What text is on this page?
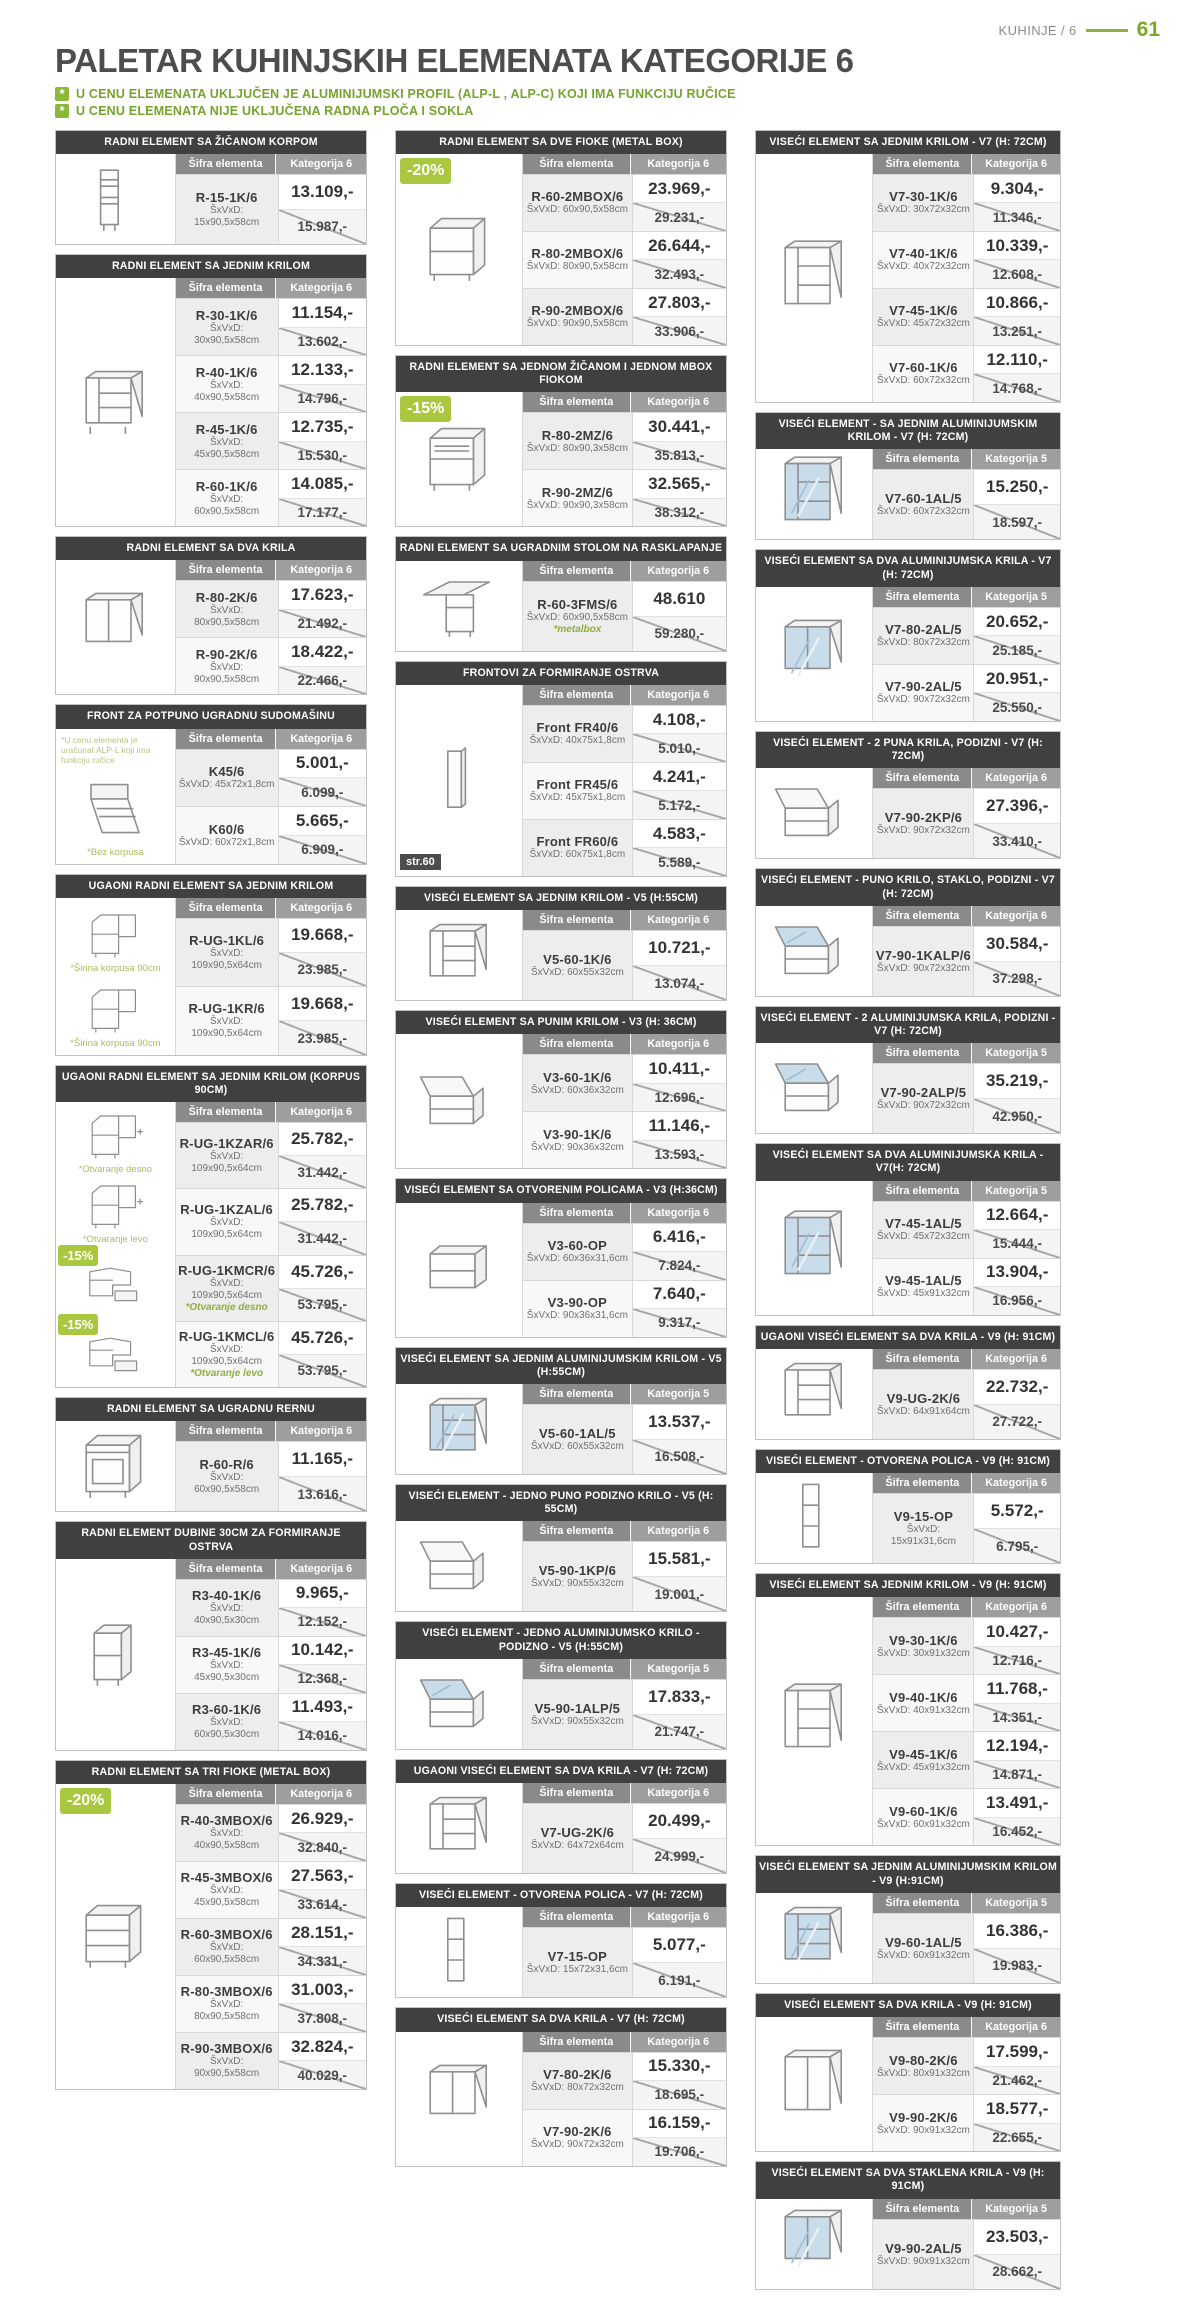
KUHINJE / 6	61
PALETAR KUHINJSKIH ELEMENATA KATEGORIJE 6
* U CENU ELEMENATA UKLJUČEN JE ALUMINIJUMSKI PROFIL (ALP-L , ALP-C) KOJI IMA FUNKCIJU RUČICE
* U CENU ELEMENATA NIJE UKLJUČENA RADNA PLOČA I SOKLA
RADNI ELEMENT SA ŽIČANOM KORPOM
Šifra elementa	Kategorija 6
R-15-1K/6
ŠxVxD: 15x90,5x58cm
13.109,-
15.987,-
RADNI ELEMENT SA JEDNIM KRILOM
Šifra elementa	Kategorija 6
R-30-1K/6
ŠxVxD: 30x90,5x58cm
11.154,-
13.602,-
R-40-1K/6
ŠxVxD: 40x90,5x58cm
12.133,-
14.796,-
R-45-1K/6
ŠxVxD: 45x90,5x58cm
12.735,-
15.530,-
R-60-1K/6
ŠxVxD: 60x90,5x58cm
14.085,-
17.177,-
RADNI ELEMENT SA DVA KRILA
Šifra elementa	Kategorija 6
R-80-2K/6
ŠxVxD: 80x90,5x58cm
17.623,-
21.492,-
R-90-2K/6
ŠxVxD: 90x90,5x58cm
18.422,-
22.466,-
FRONT ZA POTPUNO UGRADNU SUDOMAŠINU
*U cenu elementa je uračunat ALP-L koji ima funkciju ručice
*Bez korpusa
Šifra elementa	Kategorija 6
K45/6
ŠxVxD: 45x72x1,8cm
5.001,-
6.099,-
K60/6
ŠxVxD: 60x72x1,8cm
5.665,-
6.909,-
UGAONI RADNI ELEMENT SA JEDNIM KRILOM
*Širina korpusa 90cm
*Širina korpusa 90cm
Šifra elementa	Kategorija 6
R-UG-1KL/6
ŠxVxD: 109x90,5x64cm
19.668,-
23.985,-
R-UG-1KR/6
ŠxVxD: 109x90,5x64cm
19.668,-
23.985,-
UGAONI RADNI ELEMENT SA JEDNIM KRILOM (KORPUS 90CM)
*Otvaranje desno
*Otvaranje levo
-15%
-15%
Šifra elementa	Kategorija 6
R-UG-1KZAR/6
ŠxVxD: 109x90,5x64cm
25.782,-
31.442,-
R-UG-1KZAL/6
ŠxVxD: 109x90,5x64cm
25.782,-
31.442,-
R-UG-1KMCR/6
ŠxVxD: 109x90,5x64cm
*Otvaranje desno
45.726,-
53.795,-
R-UG-1KMCL/6
ŠxVxD: 109x90,5x64cm
*Otvaranje levo
45.726,-
53.795,-
RADNI ELEMENT SA UGRADNU RERNU
Šifra elementa	Kategorija 6
R-60-R/6
ŠxVxD: 60x90,5x58cm
11.165,-
13.616,-
RADNI ELEMENT DUBINE 30CM ZA FORMIRANJE OSTRVA
Šifra elementa	Kategorija 6
R3-40-1K/6
ŠxVxD: 40x90,5x30cm
9.965,-
12.152,-
R3-45-1K/6
ŠxVxD: 45x90,5x30cm
10.142,-
12.368,-
R3-60-1K/6
ŠxVxD: 60x90,5x30cm
11.493,-
14.016,-
RADNI ELEMENT SA TRI FIOKE (METAL BOX)
-20%	Šifra elementa	Kategorija 6
R-40-3MBOX/6
ŠxVxD: 40x90,5x58cm
26.929,-
32.840,-
R-45-3MBOX/6
ŠxVxD: 45x90,5x58cm
27.563,-
33.614,-
R-60-3MBOX/6
ŠxVxD: 60x90,5x58cm
28.151,-
34.331,-
R-80-3MBOX/6
ŠxVxD: 80x90,5x58cm
31.003,-
37.808,-
R-90-3MBOX/6
ŠxVxD: 90x90,5x58cm
32.824,-
40.029,-
RADNI ELEMENT SA DVE FIOKE (METAL BOX)
-20%	Šifra elementa	Kategorija 6
R-60-2MBOX/6
ŠxVxD: 60x90,5x58cm
23.969,-
29.231,-
R-80-2MBOX/6
ŠxVxD: 80x90,5x58cm
26.644,-
32.493,-
R-90-2MBOX/6
ŠxVxD: 90x90,5x58cm
27.803,-
33.906,-
RADNI ELEMENT SA JEDNOM ŽIČANOM I JEDNOM MBOX FIOKOM
-15%	Šifra elementa	Kategorija 6
R-80-2MZ/6
ŠxVxD: 80x90,3x58cm
30.441,-
35.813,-
R-90-2MZ/6
ŠxVxD: 90x90,3x58cm
32.565,-
38.312,-
RADNI ELEMENT SA UGRADNIM STOLOM NA RASKLAPANJE
Šifra elementa	Kategorija 6
R-60-3FMS/6
ŠxVxD: 60x90,5x58cm
*metalbox
48.610
59.280,-
FRONTOVI ZA FORMIRANJE OSTRVA
str.60
Šifra elementa	Kategorija 6
Front FR40/6
ŠxVxD: 40x75x1,8cm
4.108,-
5.010,-
Front FR45/6
ŠxVxD: 45x75x1,8cm
4.241,-
5.172,-
Front FR60/6
ŠxVxD: 60x75x1,8cm
4.583,-
5.589,-
VISEĆI ELEMENT SA JEDNIM KRILOM - V5 (H:55CM)
Šifra elementa	Kategorija 6
V5-60-1K/6
ŠxVxD: 60x55x32cm
10.721,-
13.074,-
VISEĆI ELEMENT SA PUNIM KRILOM - V3 (H: 36CM)
Šifra elementa	Kategorija 6
V3-60-1K/6
ŠxVxD: 60x36x32cm
10.411,-
12.696,-
V3-90-1K/6
ŠxVxD: 90x36x32cm
11.146,-
13.593,-
VISEĆI ELEMENT SA OTVORENIM POLICAMA - V3 (H:36CM)
Šifra elementa	Kategorija 6
V3-60-OP
ŠxVxD: 60x36x31,6cm
6.416,-
7.824,-
V3-90-OP
ŠxVxD: 90x36x31,6cm
7.640,-
9.317,-
VISEĆI ELEMENT SA JEDNIM ALUMINIJUMSKIM KRILOM - V5 (H:55CM)
Šifra elementa	Kategorija 5
V5-60-1AL/5
ŠxVxD: 60x55x32cm
13.537,-
16.508,-
VISEĆI ELEMENT - JEDNO PUNO PODIZNO KRILO - V5 (H: 55CM)
Šifra elementa	Kategorija 6
V5-90-1KP/6
ŠxVxD: 90x55x32cm
15.581,-
19.001,-
VISEĆI ELEMENT - JEDNO ALUMINIJUMSKO KRILO - PODIZNO - V5 (H:55CM)
Šifra elementa	Kategorija 5
V5-90-1ALP/5
ŠxVxD: 90x55x32cm
17.833,-
21.747,-
UGAONI VISEĆI ELEMENT SA DVA KRILA - V7 (H: 72CM)
Šifra elementa	Kategorija 6
V7-UG-2K/6
ŠxVxD: 64x72x64cm
20.499,-
24.999,-
VISEĆI ELEMENT - OTVORENA POLICA - V7 (H: 72CM)
Šifra elementa	Kategorija 6
V7-15-OP
ŠxVxD: 15x72x31,6cm
5.077,-
6.191,-
VISEĆI ELEMENT SA DVA KRILA - V7 (H: 72CM)
Šifra elementa	Kategorija 6
V7-80-2K/6
ŠxVxD: 80x72x32cm
15.330,-
18.695,-
V7-90-2K/6
ŠxVxD: 90x72x32cm
16.159,-
19.706,-
VISEĆI ELEMENT SA JEDNIM KRILOM - V7 (H: 72CM)
Šifra elementa	Kategorija 6
V7-30-1K/6
ŠxVxD: 30x72x32cm
9.304,-
11.346,-
V7-40-1K/6
ŠxVxD: 40x72x32cm
10.339,-
12.608,-
V7-45-1K/6
ŠxVxD: 45x72x32cm
10.866,-
13.251,-
V7-60-1K/6
ŠxVxD: 60x72x32cm
12.110,-
14.768,-
VISEĆI ELEMENT - SA JEDNIM ALUMINIJUMSKIM KRILOM - V7 (H: 72CM)
Šifra elementa	Kategorija 5
V7-60-1AL/5
ŠxVxD: 60x72x32cm
15.250,-
18.597,-
VISEĆI ELEMENT SA DVA ALUMINIJUMSKA KRILA - V7 (H: 72CM)
Šifra elementa	Kategorija 5
V7-80-2AL/5
ŠxVxD: 80x72x32cm
20.652,-
25.185,-
V7-90-2AL/5
ŠxVxD: 90x72x32cm
20.951,-
25.550,-
VISEĆI ELEMENT - 2 PUNA KRILA, PODIZNI - V7 (H: 72CM)
Šifra elementa	Kategorija 6
V7-90-2KP/6
ŠxVxD: 90x72x32cm
27.396,-
33.410,-
VISEĆI ELEMENT - PUNO KRILO, STAKLO, PODIZNI - V7 (H: 72CM)
Šifra elementa	Kategorija 6
V7-90-1KALP/6
ŠxVxD: 90x72x32cm
30.584,-
37.298,-
VISEĆI ELEMENT - 2 ALUMINIJUMSKA KRILA, PODIZNI - V7 (H: 72CM)
Šifra elementa	Kategorija 5
V7-90-2ALP/5
ŠxVxD: 90x72x32cm
35.219,-
42.950,-
VISEĆI ELEMENT SA DVA ALUMINIJUMSKA KRILA - V7(H: 72CM)
Šifra elementa	Kategorija 5
V7-45-1AL/5
ŠxVxD: 45x72x32cm
12.664,-
15.444,-
V9-45-1AL/5
ŠxVxD: 45x91x32cm
13.904,-
16.956,-
UGAONI VISEĆI ELEMENT SA DVA KRILA - V9 (H: 91CM)
Šifra elementa	Kategorija 6
V9-UG-2K/6
ŠxVxD: 64x91x64cm
22.732,-
27.722,-
VISEĆI ELEMENT - OTVORENA POLICA - V9 (H: 91CM)
Šifra elementa	Kategorija 6
V9-15-OP
ŠxVxD: 15x91x31,6cm
5.572,-
6.795,-
VISEĆI ELEMENT SA JEDNIM KRILOM - V9 (H: 91CM)
Šifra elementa	Kategorija 6
V9-30-1K/6
ŠxVxD: 30x91x32cm
10.427,-
12.716,-
V9-40-1K/6
ŠxVxD: 40x91x32cm
11.768,-
14.351,-
V9-45-1K/6
ŠxVxD: 45x91x32cm
12.194,-
14.871,-
V9-60-1K/6
ŠxVxD: 60x91x32cm
13.491,-
16.452,-
VISEĆI ELEMENT SA JEDNIM ALUMINIJUMSKIM KRILOM - V9 (H:91CM)
Šifra elementa	Kategorija 5
V9-60-1AL/5
ŠxVxD: 60x91x32cm
16.386,-
19.983,-
VISEĆI ELEMENT SA DVA KRILA - V9 (H: 91CM)
Šifra elementa	Kategorija 6
V9-80-2K/6
ŠxVxD: 80x91x32cm
17.599,-
21.462,-
V9-90-2K/6
ŠxVxD: 90x91x32cm
18.577,-
22.655,-
VISEĆI ELEMENT SA DVA STAKLENA KRILA - V9 (H: 91CM)
Šifra elementa	Kategorija 5
V9-90-2AL/5
ŠxVxD: 90x91x32cm
23.503,-
28.662,-
